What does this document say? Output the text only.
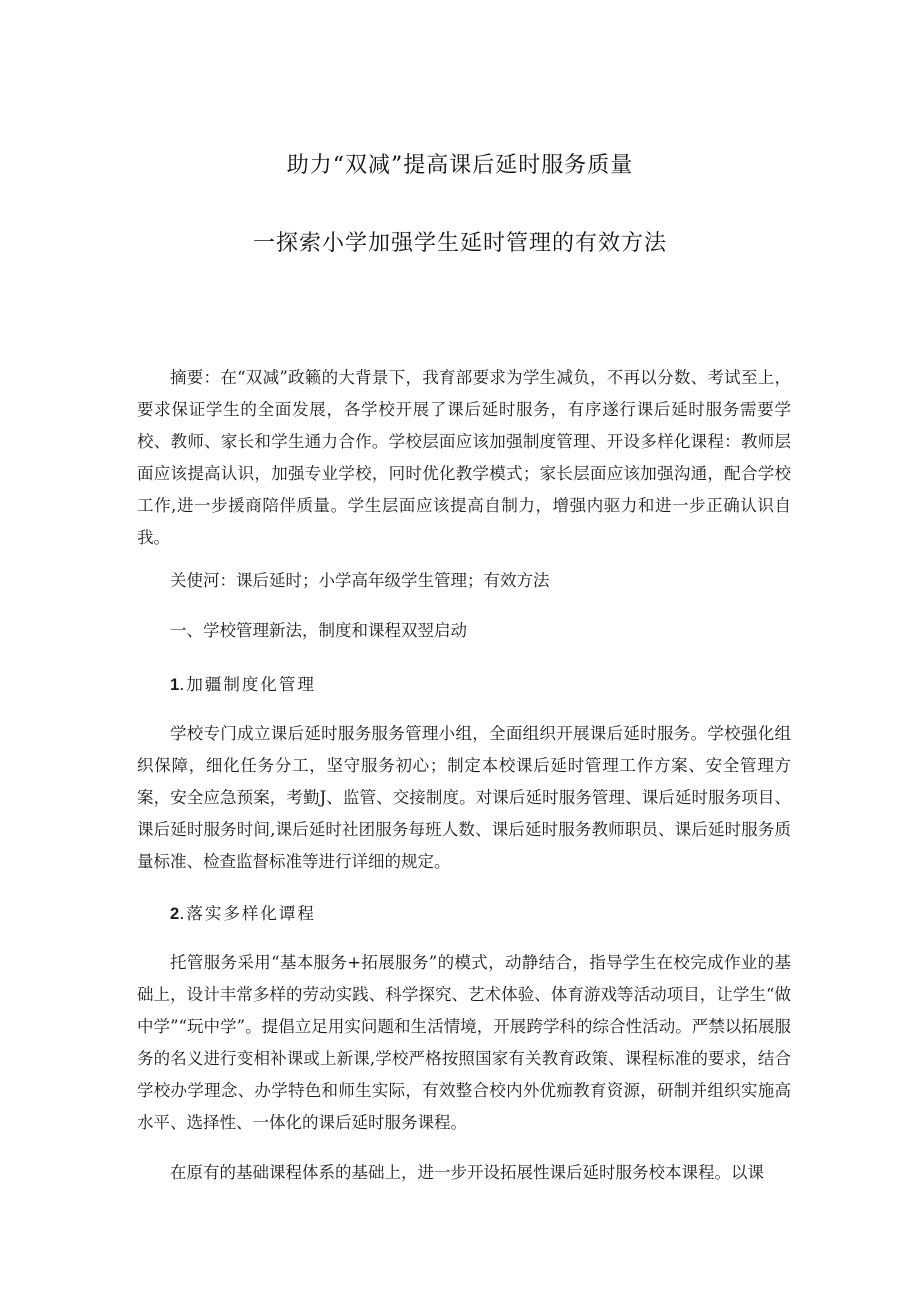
助力“双减”提高课后延时服务质量
一探索小学加强学生延时管理的有效方法

摘要：在“双减”政籁的大背景下，我育部要求为学生减负，不再以分数、考试至上，要求保证学生的全面发展，各学校开展了课后延时服务，有序遂行课后延时服务需要学校、教师、家长和学生通力合作。学校层面应该加强制度管理、开设多样化课程：教师层面应该提高认识，加强专业学校，冋时优化教学模式；家长层面应该加强沟通，配合学校工作,进一步援商陪伴质量。学生层面应该提高自制力，增强内驱力和进一步正确认识自我。

关使河：课后延时；小学高年级学生管理；有效方法

一、学校管理新法，制度和课程双翌启动

1.加疆制度化管理

学校专门成立课后延时服务服务管理小组，全面组织开展课后延时服务。学校强化组织保障，细化任务分工，坚守服务初心；制定本校课后延时管理工作方案、安全管理方案，安全应急预案，考勤J、监管、交接制度。对课后延时服务管理、课后延时服务项目、课后延时服务时间,课后延时社团服务每班人数、课后延时服务教师职员、课后延时服务质量标准、检查监督标准等进行详细的规定。

2.落实多样化谭程

托管服务采用“基本服务+拓展服务”的模式，动静结合，指导学生在校完成作业的基础上，设计丰常多样的劳动实践、科学探究、艺术体验、体育游戏等活动项目，让学生“做中学”“玩中学”。提倡立足用实问题和生活情境，开展跨学科的综合性活动。严禁以拓展服务的名义进行变相补课或上新课,学校严格按照国家有关教育政策、课程标准的要求，结合学校办学理念、办学特色和师生实际，有效整合校内外优痂教育资源，研制并组织实施高水平、选择性、一体化的课后延时服务课程。

在原有的基础课程体系的基础上，进一步开设拓展性课后延时服务校本课程。以课
